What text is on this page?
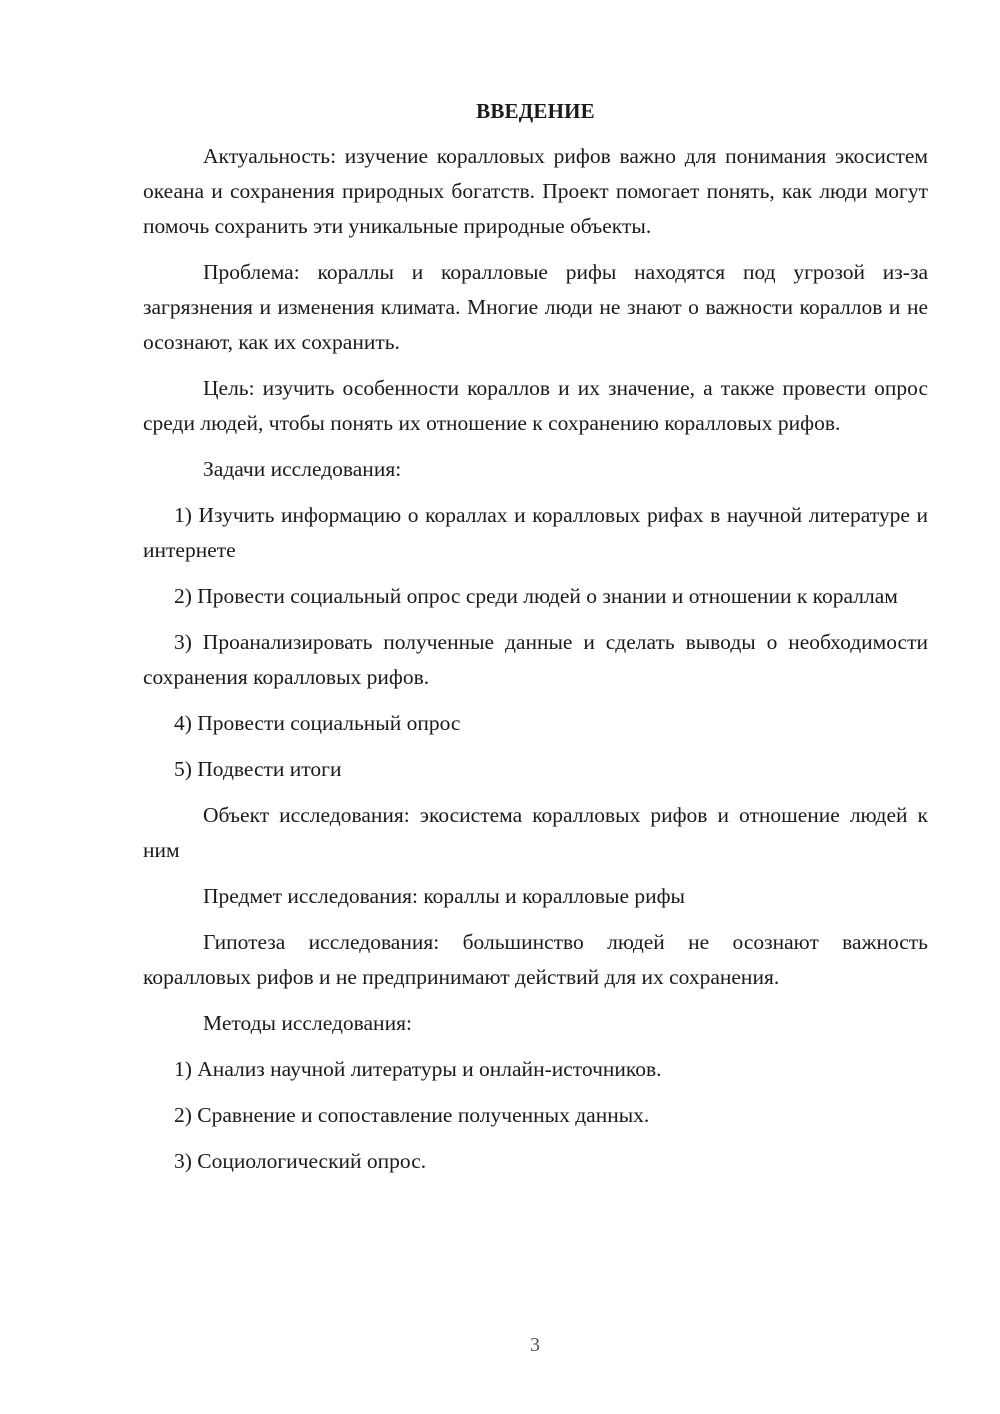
ВВЕДЕНИЕ

Актуальность: изучение коралловых рифов важно для понимания экосистем океана и сохранения природных богатств. Проект помогает понять, как люди могут помочь сохранить эти уникальные природные объекты.

Проблема: кораллы и коралловые рифы находятся под угрозой из-за загрязнения и изменения климата. Многие люди не знают о важности кораллов и не осознают, как их сохранить.

Цель: изучить особенности кораллов и их значение, а также провести опрос среди людей, чтобы понять их отношение к сохранению коралловых рифов.

Задачи исследования:

1) Изучить информацию о кораллах и коралловых рифах в научной литературе и интернете

2) Провести социальный опрос среди людей о знании и отношении к кораллам

3) Проанализировать полученные данные и сделать выводы о необходимости сохранения коралловых рифов.

4) Провести социальный опрос

5) Подвести итоги

Объект исследования: экосистема коралловых рифов и отношение людей к ним

Предмет исследования: кораллы и коралловые рифы

Гипотеза исследования: большинство людей не осознают важность коралловых рифов и не предпринимают действий для их сохранения.

Методы исследования:

1) Анализ научной литературы и онлайн-источников.

2) Сравнение и сопоставление полученных данных.

3) Социологический опрос.

3
